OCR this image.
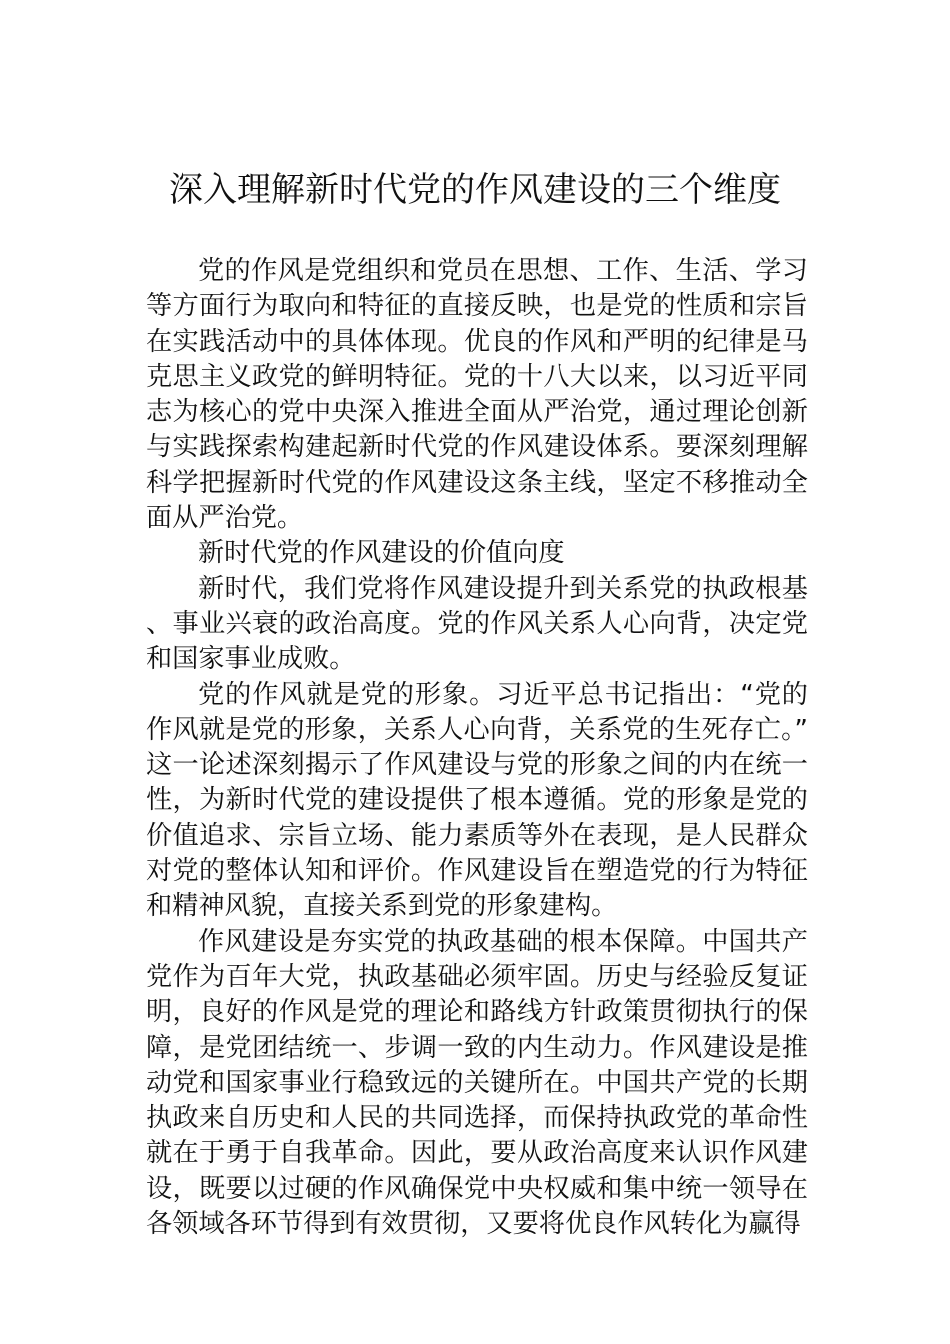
深入理解新时代党的作风建设的三个维度

党的作风是党组织和党员在思想、工作、生活、学习等方面行为取向和特征的直接反映，也是党的性质和宗旨在实践活动中的具体体现。优良的作风和严明的纪律是马克思主义政党的鲜明特征。党的十八大以来，以习近平同志为核心的党中央深入推进全面从严治党，通过理论创新与实践探索构建起新时代党的作风建设体系。要深刻理解科学把握新时代党的作风建设这条主线，坚定不移推动全面从严治党。

新时代党的作风建设的价值向度

新时代，我们党将作风建设提升到关系党的执政根基、事业兴衰的政治高度。党的作风关系人心向背，决定党和国家事业成败。

党的作风就是党的形象。习近平总书记指出：“党的作风就是党的形象，关系人心向背，关系党的生死存亡。”这一论述深刻揭示了作风建设与党的形象之间的内在统一性，为新时代党的建设提供了根本遵循。党的形象是党的价值追求、宗旨立场、能力素质等外在表现，是人民群众对党的整体认知和评价。作风建设旨在塑造党的行为特征和精神风貌，直接关系到党的形象建构。

作风建设是夯实党的执政基础的根本保障。中国共产党作为百年大党，执政基础必须牢固。历史与经验反复证明，良好的作风是党的理论和路线方针政策贯彻执行的保障，是党团结统一、步调一致的内生动力。作风建设是推动党和国家事业行稳致远的关键所在。中国共产党的长期执政来自历史和人民的共同选择，而保持执政党的革命性就在于勇于自我革命。因此，要从政治高度来认识作风建设，既要以过硬的作风确保党中央权威和集中统一领导在各领域各环节得到有效贯彻，又要将优良作风转化为赢得
